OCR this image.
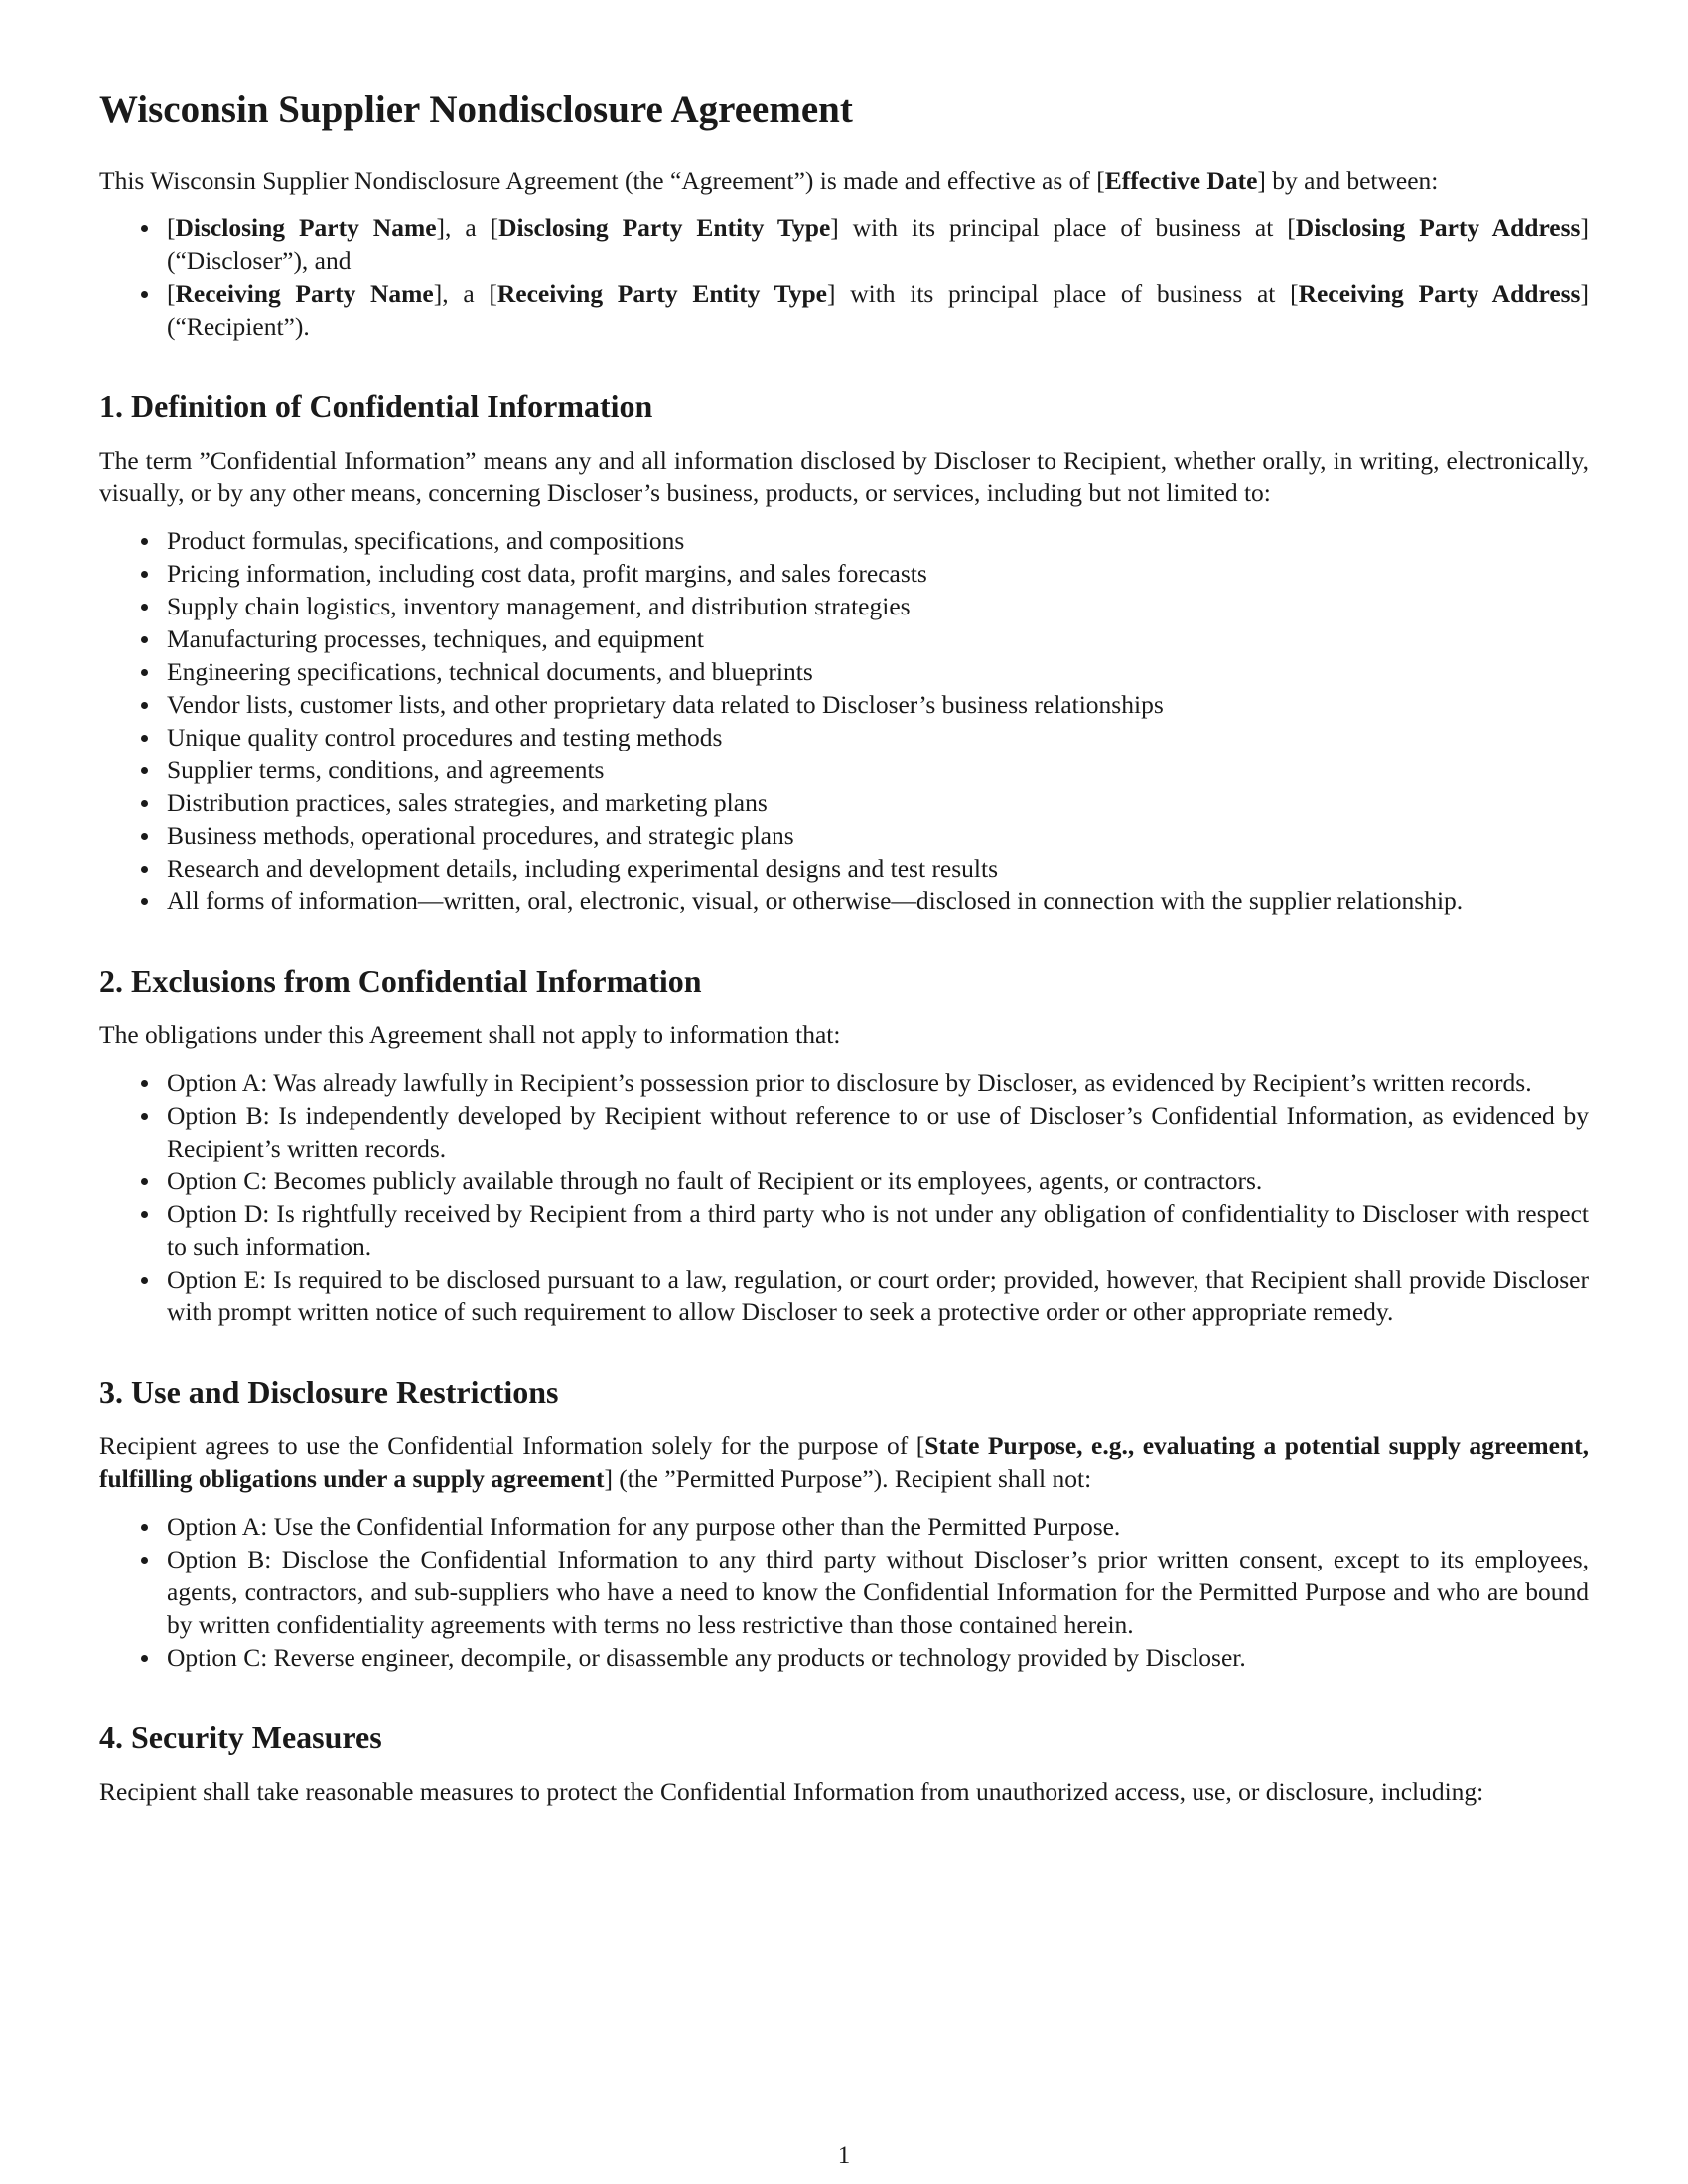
Wisconsin Supplier Nondisclosure Agreement

This Wisconsin Supplier Nondisclosure Agreement (the “Agreement”) is made and effective as of [Effective Date] by and between:

[Disclosing Party Name], a [Disclosing Party Entity Type] with its principal place of business at [Disclosing Party Address] (“Discloser”), and
[Receiving Party Name], a [Receiving Party Entity Type] with its principal place of business at [Receiving Party Address] (“Recipient”).
1. Definition of Confidential Information

The term ”Confidential Information” means any and all information disclosed by Discloser to Recipient, whether orally, in writing, electronically, visually, or by any other means, concerning Discloser’s business, products, or services, including but not limited to:

Product formulas, specifications, and compositions
Pricing information, including cost data, profit margins, and sales forecasts
Supply chain logistics, inventory management, and distribution strategies
Manufacturing processes, techniques, and equipment
Engineering specifications, technical documents, and blueprints
Vendor lists, customer lists, and other proprietary data related to Discloser’s business relationships
Unique quality control procedures and testing methods
Supplier terms, conditions, and agreements
Distribution practices, sales strategies, and marketing plans
Business methods, operational procedures, and strategic plans
Research and development details, including experimental designs and test results
All forms of information—written, oral, electronic, visual, or otherwise—disclosed in connection with the supplier relationship.
2. Exclusions from Confidential Information

The obligations under this Agreement shall not apply to information that:

Option A: Was already lawfully in Recipient’s possession prior to disclosure by Discloser, as evidenced by Recipient’s written records.
Option B: Is independently developed by Recipient without reference to or use of Discloser’s Confidential Information, as evidenced by Recipient’s written records.
Option C: Becomes publicly available through no fault of Recipient or its employees, agents, or contractors.
Option D: Is rightfully received by Recipient from a third party who is not under any obligation of confidentiality to Discloser with respect to such information.
Option E: Is required to be disclosed pursuant to a law, regulation, or court order; provided, however, that Recipient shall provide Discloser with prompt written notice of such requirement to allow Discloser to seek a protective order or other appropriate remedy.
3. Use and Disclosure Restrictions

Recipient agrees to use the Confidential Information solely for the purpose of [State Purpose, e.g., evaluating a potential supply agreement, fulfilling obligations under a supply agreement] (the ”Permitted Purpose”). Recipient shall not:

Option A: Use the Confidential Information for any purpose other than the Permitted Purpose.
Option B: Disclose the Confidential Information to any third party without Discloser’s prior written consent, except to its employees, agents, contractors, and sub-suppliers who have a need to know the Confidential Information for the Permitted Purpose and who are bound by written confidentiality agreements with terms no less restrictive than those contained herein.
Option C: Reverse engineer, decompile, or disassemble any products or technology provided by Discloser.
4. Security Measures

Recipient shall take reasonable measures to protect the Confidential Information from unauthorized access, use, or disclosure, including:

1
